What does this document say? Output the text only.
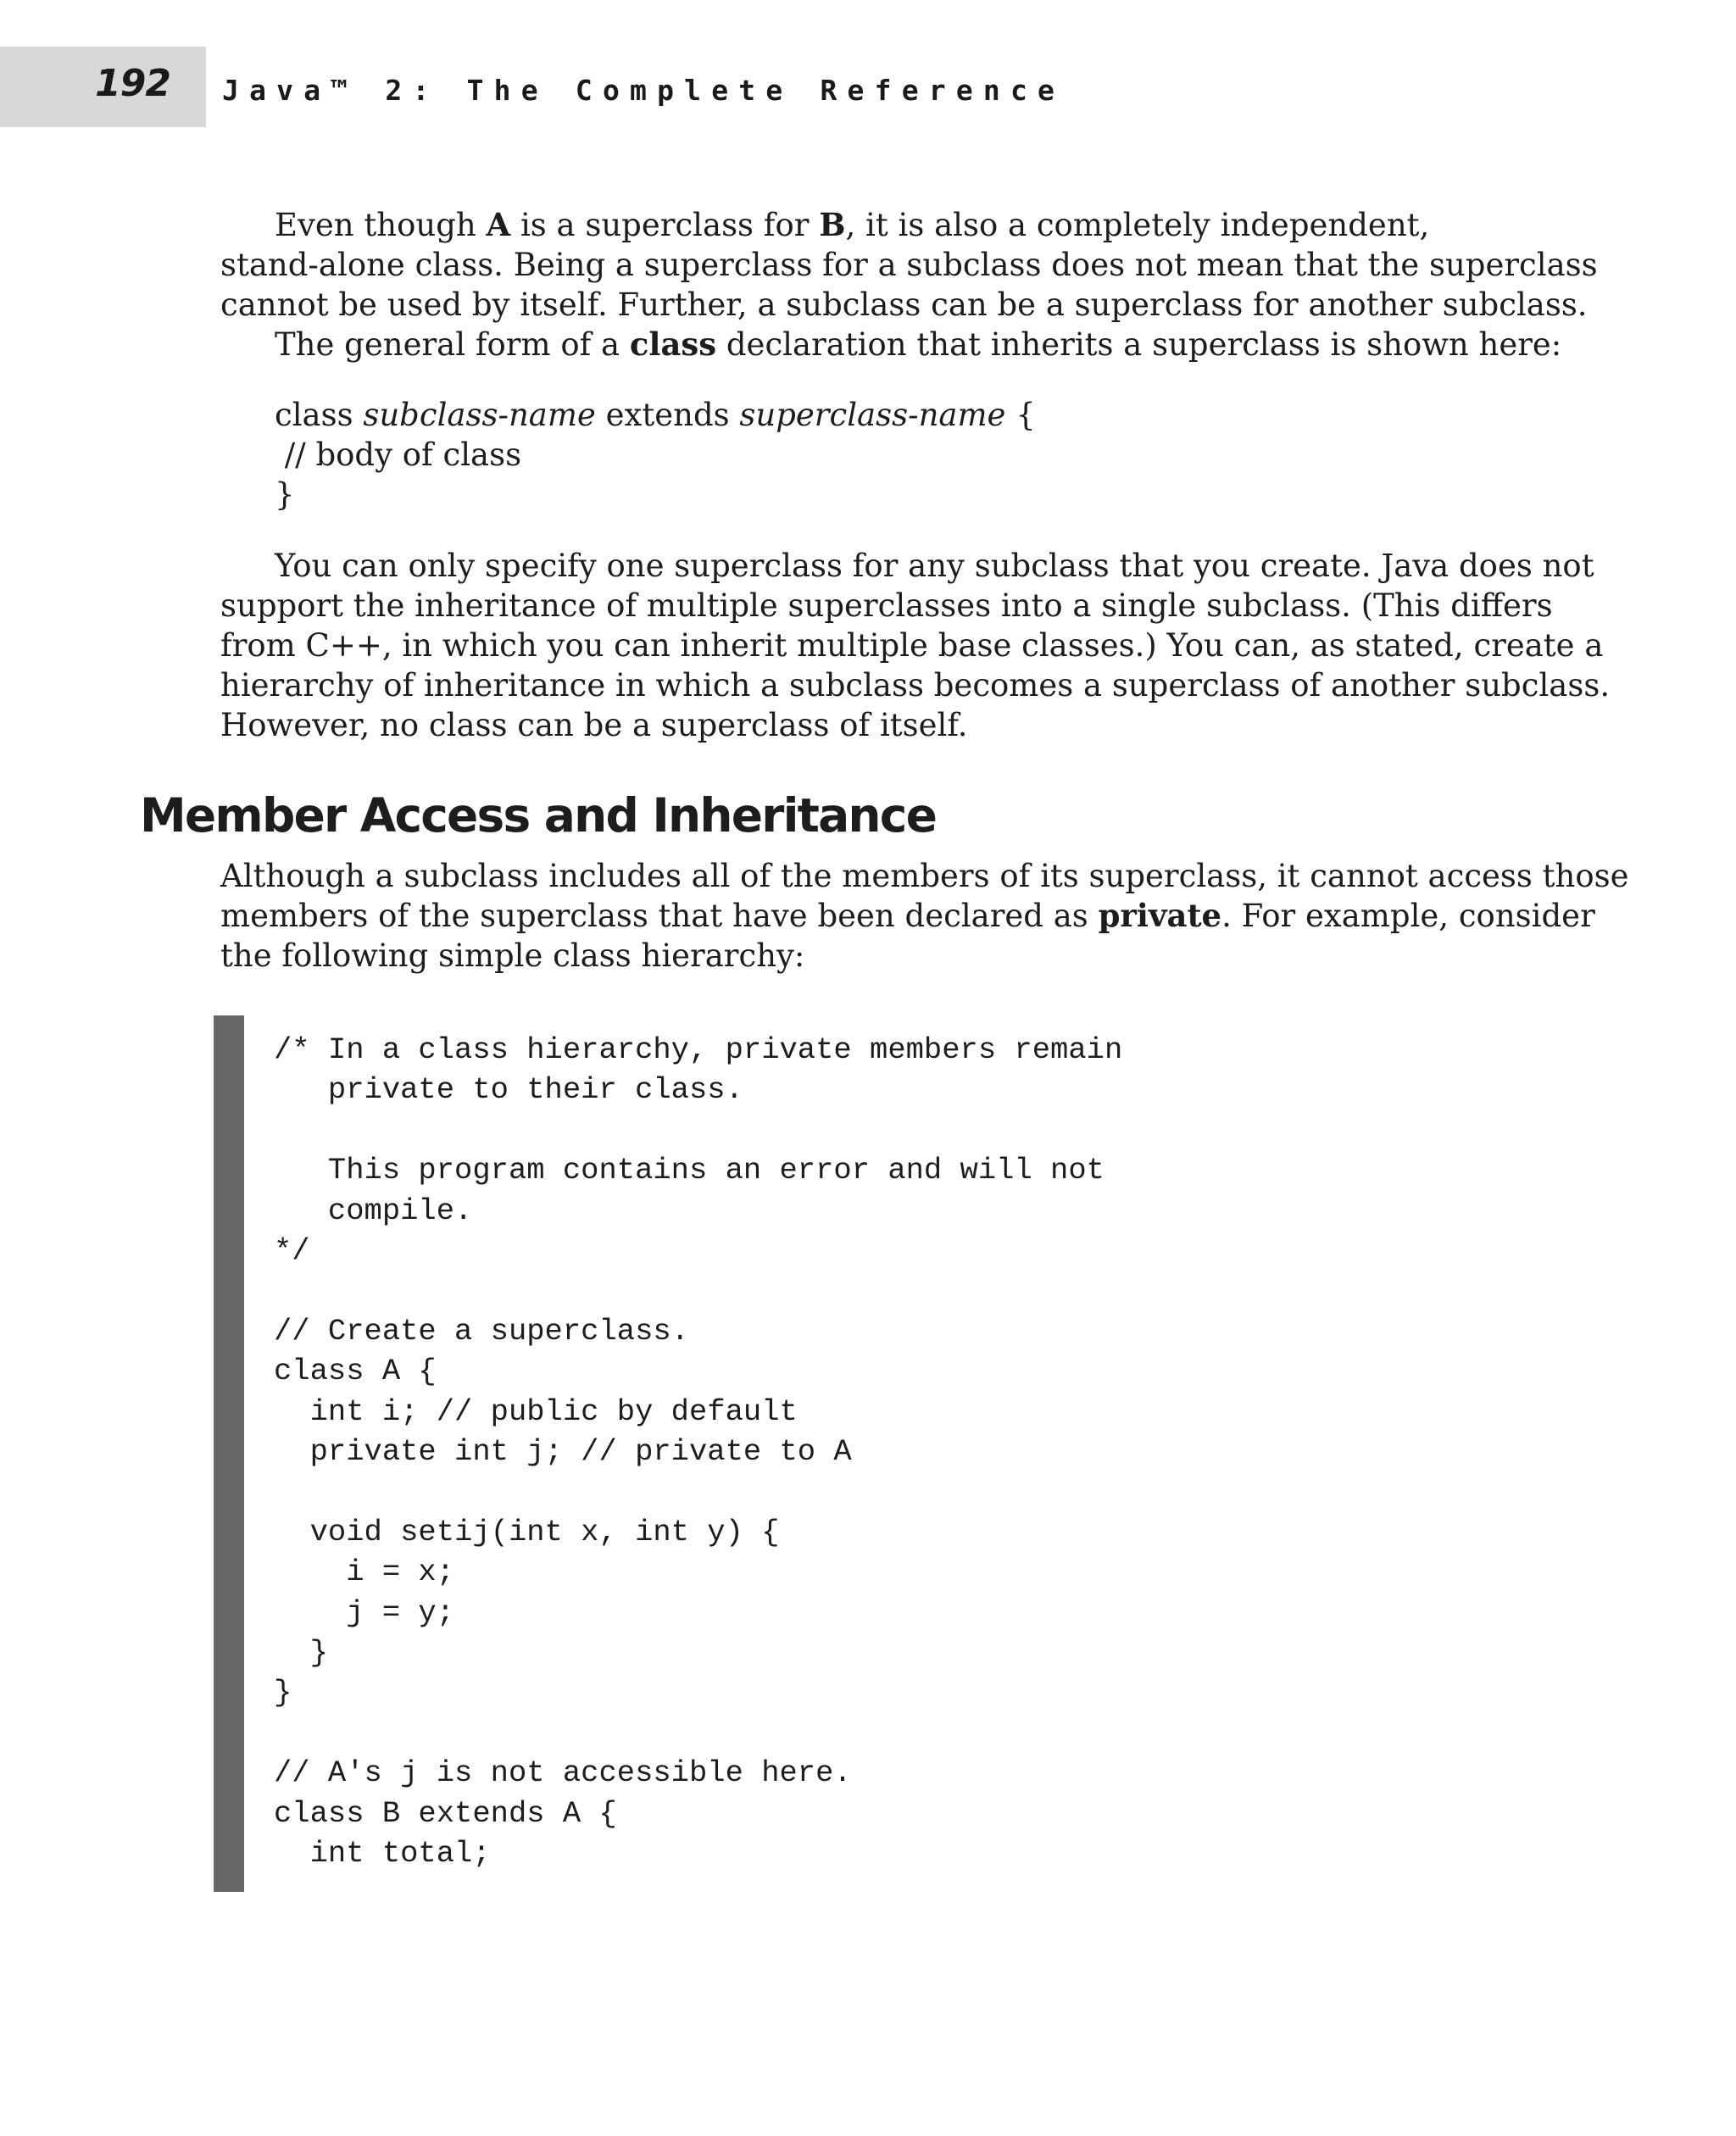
192 Java™ 2: The Complete Reference
Even though A is a superclass for B, it is also a completely independent,
stand-alone class. Being a superclass for a subclass does not mean that the superclass
cannot be used by itself. Further, a subclass can be a superclass for another subclass.
The general form of a class declaration that inherits a superclass is shown here:
class subclass-name extends superclass-name {
// body of class
}
You can only specify one superclass for any subclass that you create. Java does not
support the inheritance of multiple superclasses into a single subclass. (This differs
from C++, in which you can inherit multiple base classes.) You can, as stated, create a
hierarchy of inheritance in which a subclass becomes a superclass of another subclass.
However, no class can be a superclass of itself.
Member Access and Inheritance
Although a subclass includes all of the members of its superclass, it cannot access those
members of the superclass that have been declared as private. For example, consider
the following simple class hierarchy:
/* In a class hierarchy, private members remain
private to their class.
This program contains an error and will not
compile.
*/
// Create a superclass.
class A {
int i; // public by default
private int j; // private to A
void setij(int x, int y) {
i = x;
j = y;
}
}
// A's j is not accessible here.
class B extends A {
int total;
